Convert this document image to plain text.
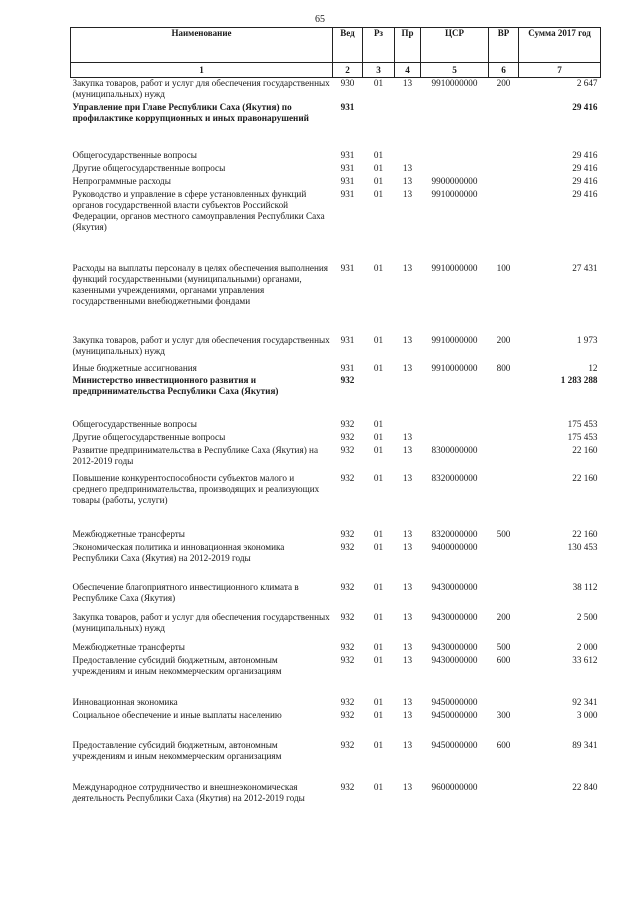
65
Наименование	Вед	Рз	Пр	ЦСР	ВР	Сумма 2017 год
1	2	3	4	5	6	7
Закупка товаров, работ и услуг для обеспечения государственных (муниципальных) нужд	930	01	13	9910000000	200	2 647
Управление при Главе Республики Саха (Якутия) по профилактике коррупционных и иных правонарушений	931					29 416
Общегосударственные вопросы	931	01				29 416
Другие общегосударственные вопросы	931	01	13			29 416
Непрограммные расходы	931	01	13	9900000000		29 416
Руководство и управление в сфере установленных функций органов государственной власти субъектов Российской Федерации, органов местного самоуправления Республики Саха (Якутия)	931	01	13	9910000000		29 416
Расходы на выплаты персоналу в целях обеспечения выполнения функций государственными (муниципальными) органами, казенными учреждениями, органами управления государственными внебюджетными фондами	931	01	13	9910000000	100	27 431
Закупка товаров, работ и услуг для обеспечения государственных (муниципальных) нужд	931	01	13	9910000000	200	1 973
Иные бюджетные ассигнования	931	01	13	9910000000	800	12
Министерство инвестиционного развития и предпринимательства Республики Саха (Якутия)	932					1 283 288
Общегосударственные вопросы	932	01				175 453
Другие общегосударственные вопросы	932	01	13			175 453
Развитие предпринимательства в Республике Саха (Якутия) на 2012-2019 годы	932	01	13	8300000000		22 160
Повышение конкурентоспособности субъектов малого и среднего предпринимательства, производящих и реализующих товары (работы, услуги)	932	01	13	8320000000		22 160
Межбюджетные трансферты	932	01	13	8320000000	500	22 160
Экономическая политика и инновационная экономика Республики Саха (Якутия) на 2012-2019 годы	932	01	13	9400000000		130 453
Обеспечение благоприятного инвестиционного климата в Республике Саха (Якутия)	932	01	13	9430000000		38 112
Закупка товаров, работ и услуг для обеспечения государственных (муниципальных) нужд	932	01	13	9430000000	200	2 500
Межбюджетные трансферты	932	01	13	9430000000	500	2 000
Предоставление субсидий бюджетным, автономным учреждениям и иным некоммерческим организациям	932	01	13	9430000000	600	33 612
Инновационная экономика	932	01	13	9450000000		92 341
Социальное обеспечение и иные выплаты населению	932	01	13	9450000000	300	3 000
Предоставление субсидий бюджетным, автономным учреждениям и иным некоммерческим организациям	932	01	13	9450000000	600	89 341
Международное сотрудничество и внешнеэкономическая деятельность Республики Саха (Якутия) на 2012-2019 годы	932	01	13	9600000000		22 840
